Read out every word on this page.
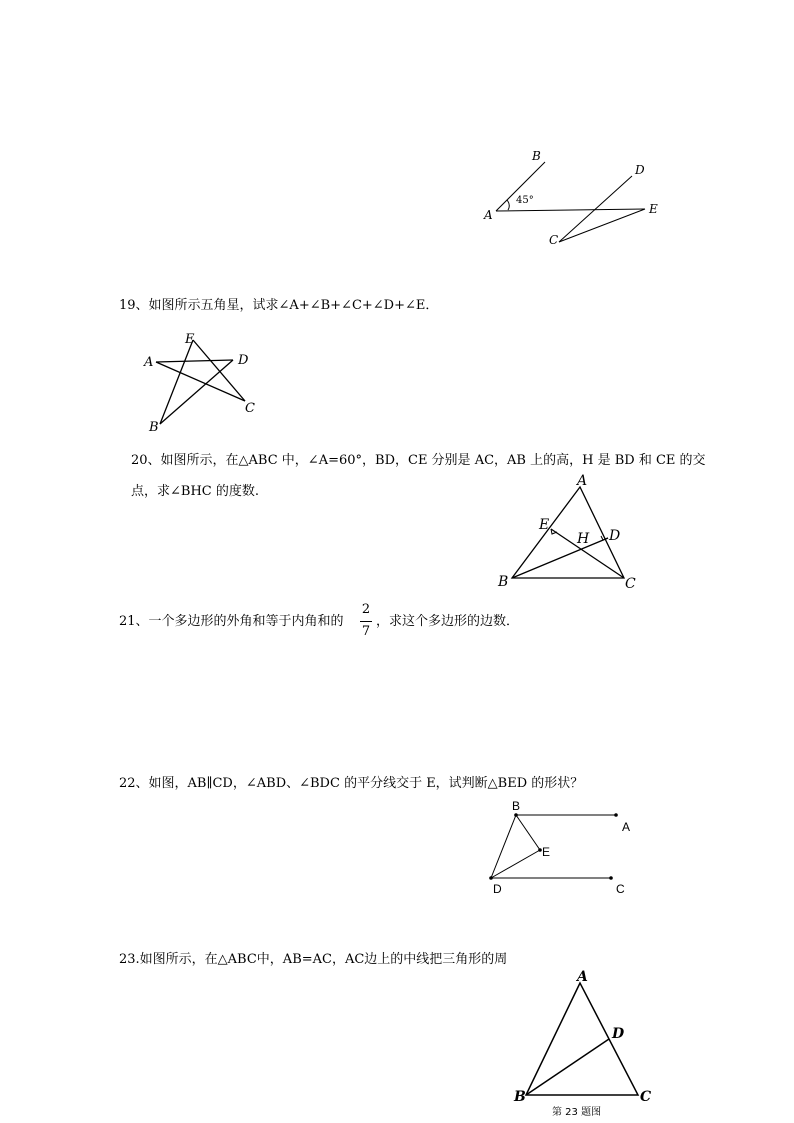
B
D
A	E
C
45°
19、如图所示五角星，试求∠A+∠B+∠C+∠D+∠E．
E
A	D
C
B
20、如图所示，在△ABC 中，∠A=60°，BD，CE 分别是 AC，AB 上的高，H 是 BD 和 CE 的交
点，求∠BHC 的度数.
A
E
H D
B	C
21、一个多边形的外角和等于内角和的
2
7
，求这个多边形的边数．
22、如图，AB∥CD，∠ABD、∠BDC 的平分线交于 E，试判断△BED 的形状？
B
A
E
D	C
23.如图所示，在△ABC中，AB=AC，AC边上的中线把三角形的周
A
D
B	C
第 23 题图
